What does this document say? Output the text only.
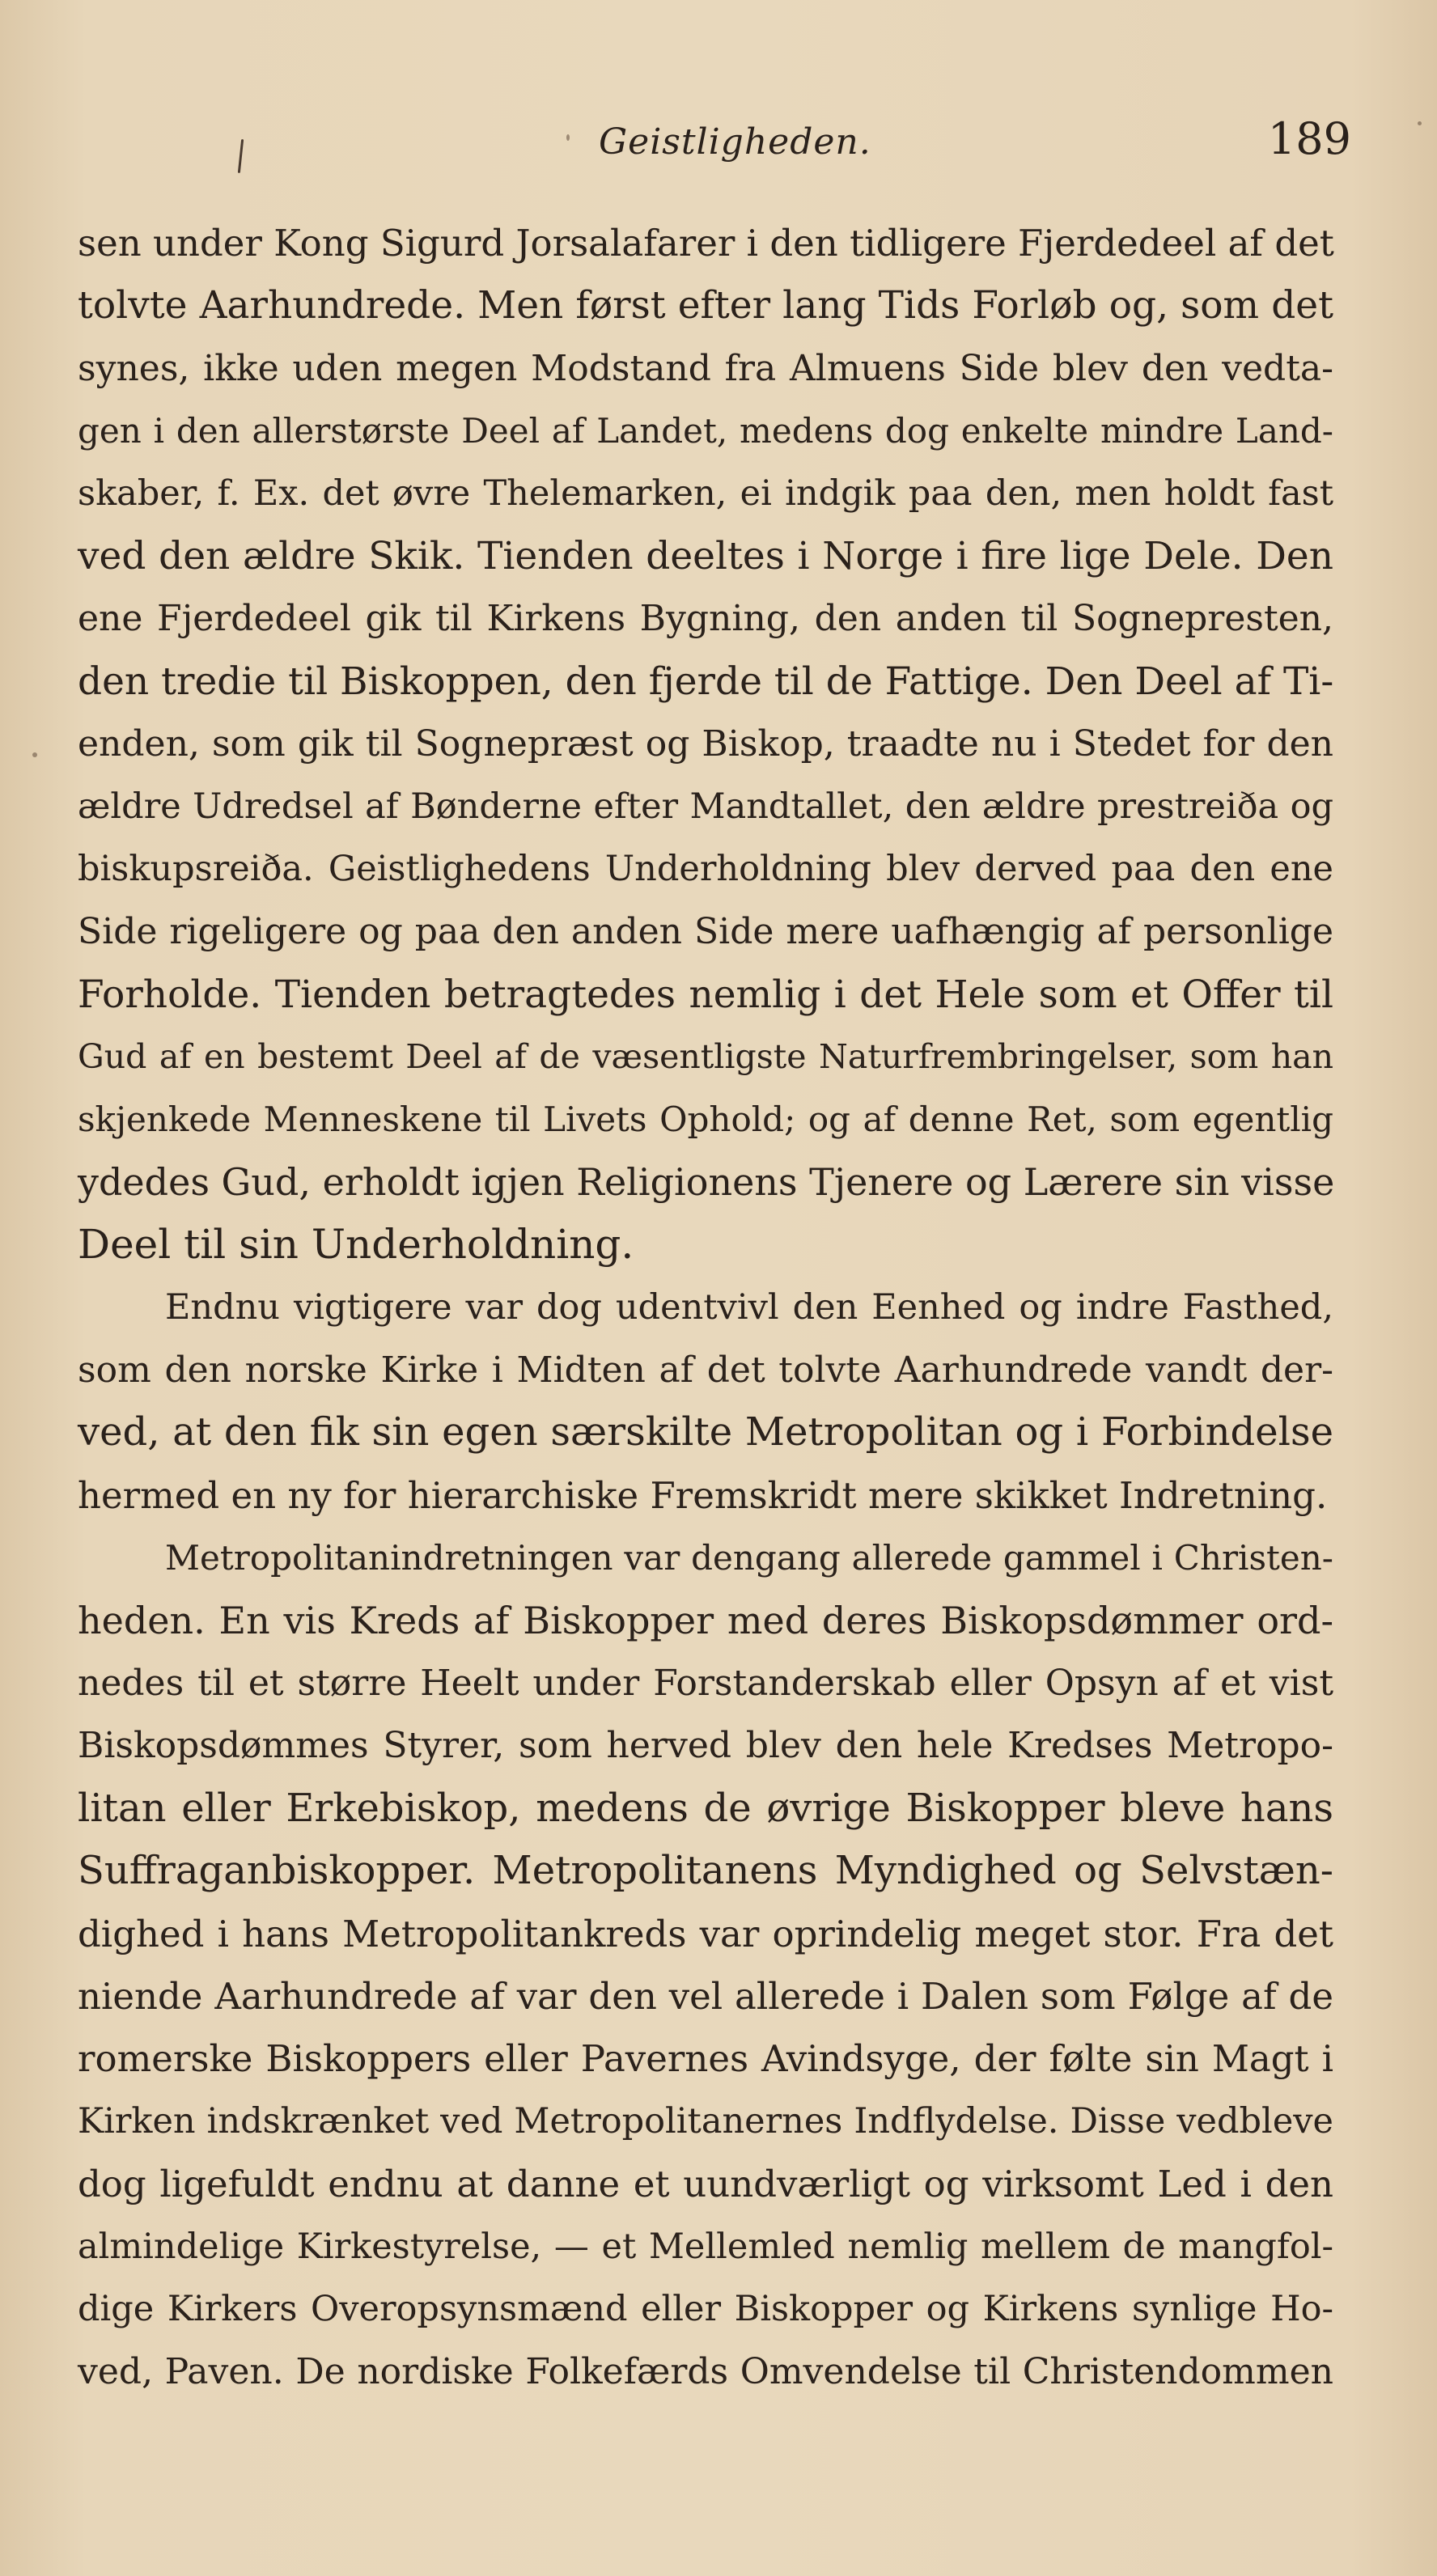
Geistligheden.	189
sen under Kong Sigurd Jorsalafarer i den tidligere Fjerdedeel af det
tolvte Aarhundrede. Men først efter lang Tids Forløb og, som det
synes, ikke uden megen Modstand fra Almuens Side blev den vedta-
gen i den allerstørste Deel af Landet, medens dog enkelte mindre Land-
skaber, f. Ex. det øvre Thelemarken, ei indgik paa den, men holdt fast
ved den ældre Skik. Tienden deeltes i Norge i fire lige Dele. Den
ene Fjerdedeel gik til Kirkens Bygning, den anden til Sognepresten,
den tredie til Biskoppen, den fjerde til de Fattige. Den Deel af Ti-
enden, som gik til Sognepræst og Biskop, traadte nu i Stedet for den
ældre Udredsel af Bønderne efter Mandtallet, den ældre prestreiða og
biskupsreiða. Geistlighedens Underholdning blev derved paa den ene
Side rigeligere og paa den anden Side mere uafhængig af personlige
Forholde. Tienden betragtedes nemlig i det Hele som et Offer til
Gud af en bestemt Deel af de væsentligste Naturfrembringelser, som han
skjenkede Menneskene til Livets Ophold; og af denne Ret, som egentlig
ydedes Gud, erholdt igjen Religionens Tjenere og Lærere sin visse
Deel til sin Underholdning.
Endnu vigtigere var dog udentvivl den Eenhed og indre Fasthed,
som den norske Kirke i Midten af det tolvte Aarhundrede vandt der-
ved, at den fik sin egen særskilte Metropolitan og i Forbindelse
hermed en ny for hierarchiske Fremskridt mere skikket Indretning.
Metropolitanindretningen var dengang allerede gammel i Christen-
heden. En vis Kreds af Biskopper med deres Biskopsdømmer ord-
nedes til et større Heelt under Forstanderskab eller Opsyn af et vist
Biskopsdømmes Styrer, som herved blev den hele Kredses Metropo-
litan eller Erkebiskop, medens de øvrige Biskopper bleve hans
Suffraganbiskopper. Metropolitanens Myndighed og Selvstæn-
dighed i hans Metropolitankreds var oprindelig meget stor. Fra det
niende Aarhundrede af var den vel allerede i Dalen som Følge af de
romerske Biskoppers eller Pavernes Avindsyge, der følte sin Magt i
Kirken indskrænket ved Metropolitanernes Indflydelse. Disse vedbleve
dog ligefuldt endnu at danne et uundværligt og virksomt Led i den
almindelige Kirkestyrelse, — et Mellemled nemlig mellem de mangfol-
dige Kirkers Overopsynsmænd eller Biskopper og Kirkens synlige Ho-
ved, Paven. De nordiske Folkefærds Omvendelse til Christendommen
